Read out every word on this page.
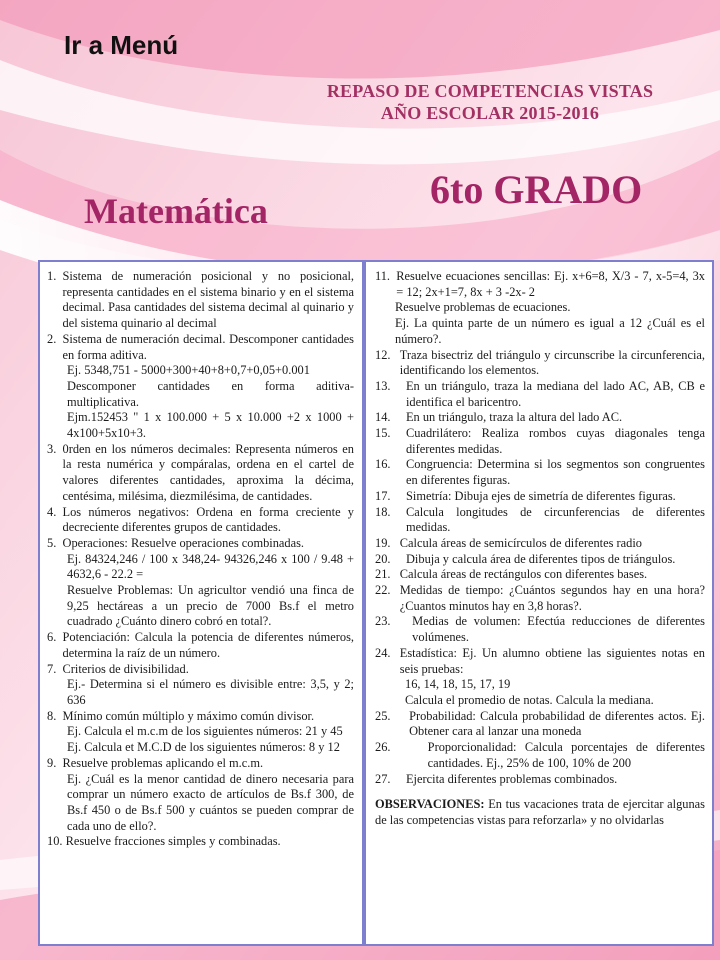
Ir a Menú
REPASO DE COMPETENCIAS VISTAS
AÑO ESCOLAR 2015-2016
6to GRADO
Matemática
1. Sistema de numeración posicional y no posicional, representa cantidades en el sistema binario y en el sistema decimal. Pasa cantidades del sistema decimal al quinario y del sistema quinario al decimal
2. Sistema de numeración decimal. Descomponer cantidades en forma aditiva.
Ej. 5348,751 - 5000+300+40+8+0,7+0,05+0.001
Descomponer cantidades en forma aditiva- multiplicativa.
Ejm.152453 " 1 x 100.000 + 5 x 10.000 +2 x 1000 + 4x100+5x10+3.
3. 0rden en los números decimales: Representa números en la resta numérica y compáralas, ordena en el cartel de valores diferentes cantidades, aproxima la décima, centésima, milésima, diezmilésima, de cantidades.
4. Los números negativos: Ordena en forma creciente y decreciente diferentes grupos de cantidades.
5. Operaciones: Resuelve operaciones combinadas.
Ej. 84324,246 / 100 x 348,24- 94326,246 x 100 / 9.48 + 4632,6 - 22.2 =
Resuelve Problemas: Un agricultor vendió una finca de 9,25 hectáreas a un precio de 7000 Bs.f el metro cuadrado ¿Cuánto dinero cobró en total?.
6. Potenciación: Calcula la potencia de diferentes números, determina la raíz de un número.
7. Criterios de divisibilidad.
Ej.- Determina si el número es divisible entre: 3,5, y 2; 636
8. Mínimo común múltiplo y máximo común divisor.
Ej. Calcula el m.c.m de los siguientes números: 21 y 45
Ej. Calcula et M.C.D de los siguientes números: 8 y 12
9. Resuelve problemas aplicando el m.c.m.
Ej. ¿Cuál es la menor cantidad de dinero necesaria para comprar un número exacto de artículos de Bs.f 300, de Bs.f 450 o de Bs.f 500 y cuántos se pueden comprar de cada uno de ello?.
10. Resuelve fracciones simples y combinadas.
11. Resuelve ecuaciones sencillas: Ej. x+6=8, X/3 - 7, x-5=4, 3x = 12; 2x+1=7, 8x + 3 -2x- 2
Resuelve problemas de ecuaciones.
Ej. La quinta parte de un número es igual a 12 ¿Cuál es el número?.
12. Traza bisectriz del triángulo y circunscribe la circunferencia, identificando los elementos.
13. En un triángulo, traza la mediana del lado AC, AB, CB e identifica el baricentro.
14. En un triángulo, traza la altura del lado AC.
15. Cuadrilátero: Realiza rombos cuyas diagonales tenga diferentes medidas.
16. Congruencia: Determina si los segmentos son congruentes en diferentes figuras.
17. Simetría: Dibuja ejes de simetría de diferentes figuras.
18. Calcula longitudes de circunferencias de diferentes medidas.
19. Calcula áreas de semicírculos de diferentes radio
20. Dibuja y calcula área de diferentes tipos de triángulos.
21. Calcula áreas de rectángulos con diferentes bases.
22. Medidas de tiempo: ¿Cuántos segundos hay en una hora? ¿Cuantos minutos hay en 3,8 horas?.
23. Medias de volumen: Efectúa reducciones de diferentes volúmenes.
24. Estadística: Ej. Un alumno obtiene las siguientes notas en seis pruebas:
16, 14, 18, 15, 17, 19
Calcula el promedio de notas. Calcula la mediana.
25. Probabilidad: Calcula probabilidad de diferentes actos. Ej. Obtener cara al lanzar una moneda
26. Proporcionalidad: Calcula porcentajes de diferentes cantidades. Ej., 25% de 100, 10% de 200
27. Ejercita diferentes problemas combinados.
OBSERVACIONES: En tus vacaciones trata de ejercitar algunas de las competencias vistas para reforzarla» y no olvidarlas
